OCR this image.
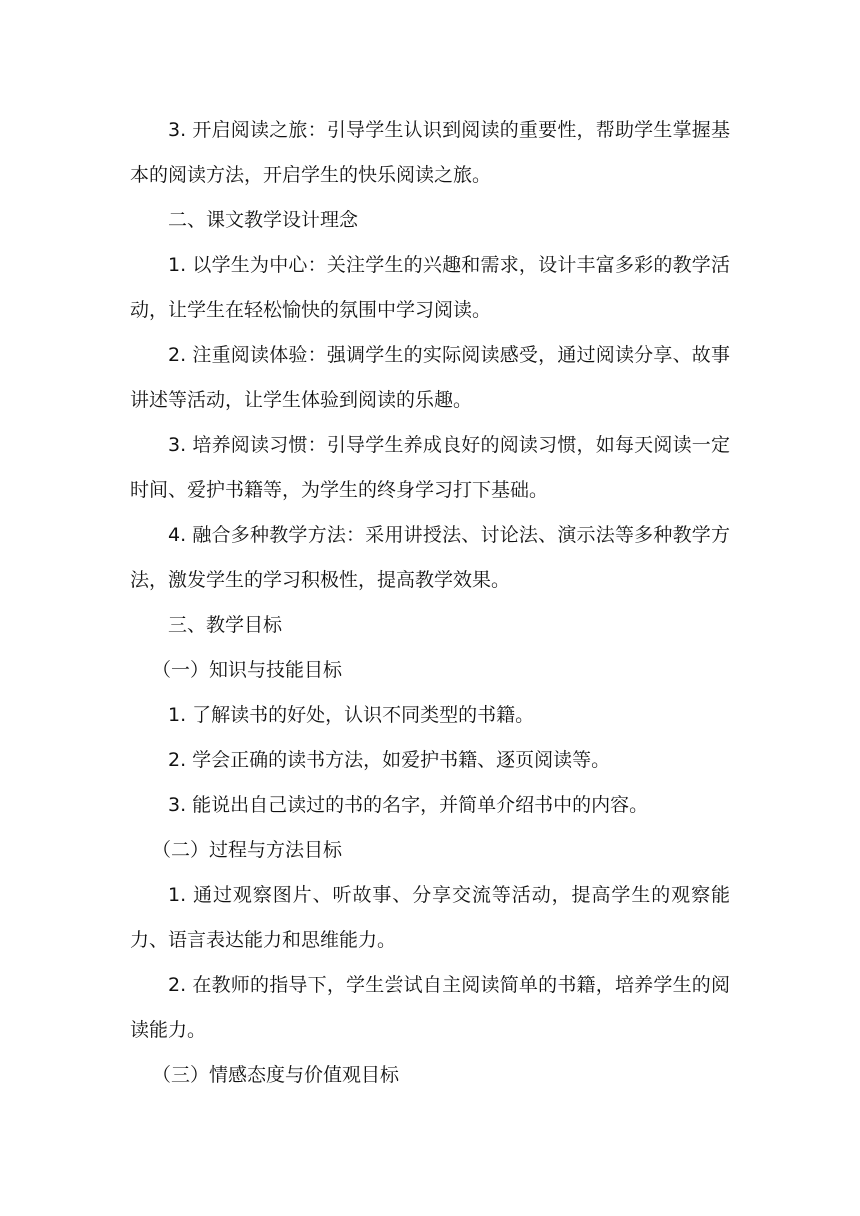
3. 开启阅读之旅：引导学生认识到阅读的重要性，帮助学生掌握基本的阅读方法，开启学生的快乐阅读之旅。

二、课文教学设计理念

1. 以学生为中心：关注学生的兴趣和需求，设计丰富多彩的教学活动，让学生在轻松愉快的氛围中学习阅读。

2. 注重阅读体验：强调学生的实际阅读感受，通过阅读分享、故事讲述等活动，让学生体验到阅读的乐趣。

3. 培养阅读习惯：引导学生养成良好的阅读习惯，如每天阅读一定时间、爱护书籍等，为学生的终身学习打下基础。

4. 融合多种教学方法：采用讲授法、讨论法、演示法等多种教学方法，激发学生的学习积极性，提高教学效果。

三、教学目标

（一）知识与技能目标

1. 了解读书的好处，认识不同类型的书籍。

2. 学会正确的读书方法，如爱护书籍、逐页阅读等。

3. 能说出自己读过的书的名字，并简单介绍书中的内容。

（二）过程与方法目标

1. 通过观察图片、听故事、分享交流等活动，提高学生的观察能力、语言表达能力和思维能力。

2. 在教师的指导下，学生尝试自主阅读简单的书籍，培养学生的阅读能力。

（三）情感态度与价值观目标
